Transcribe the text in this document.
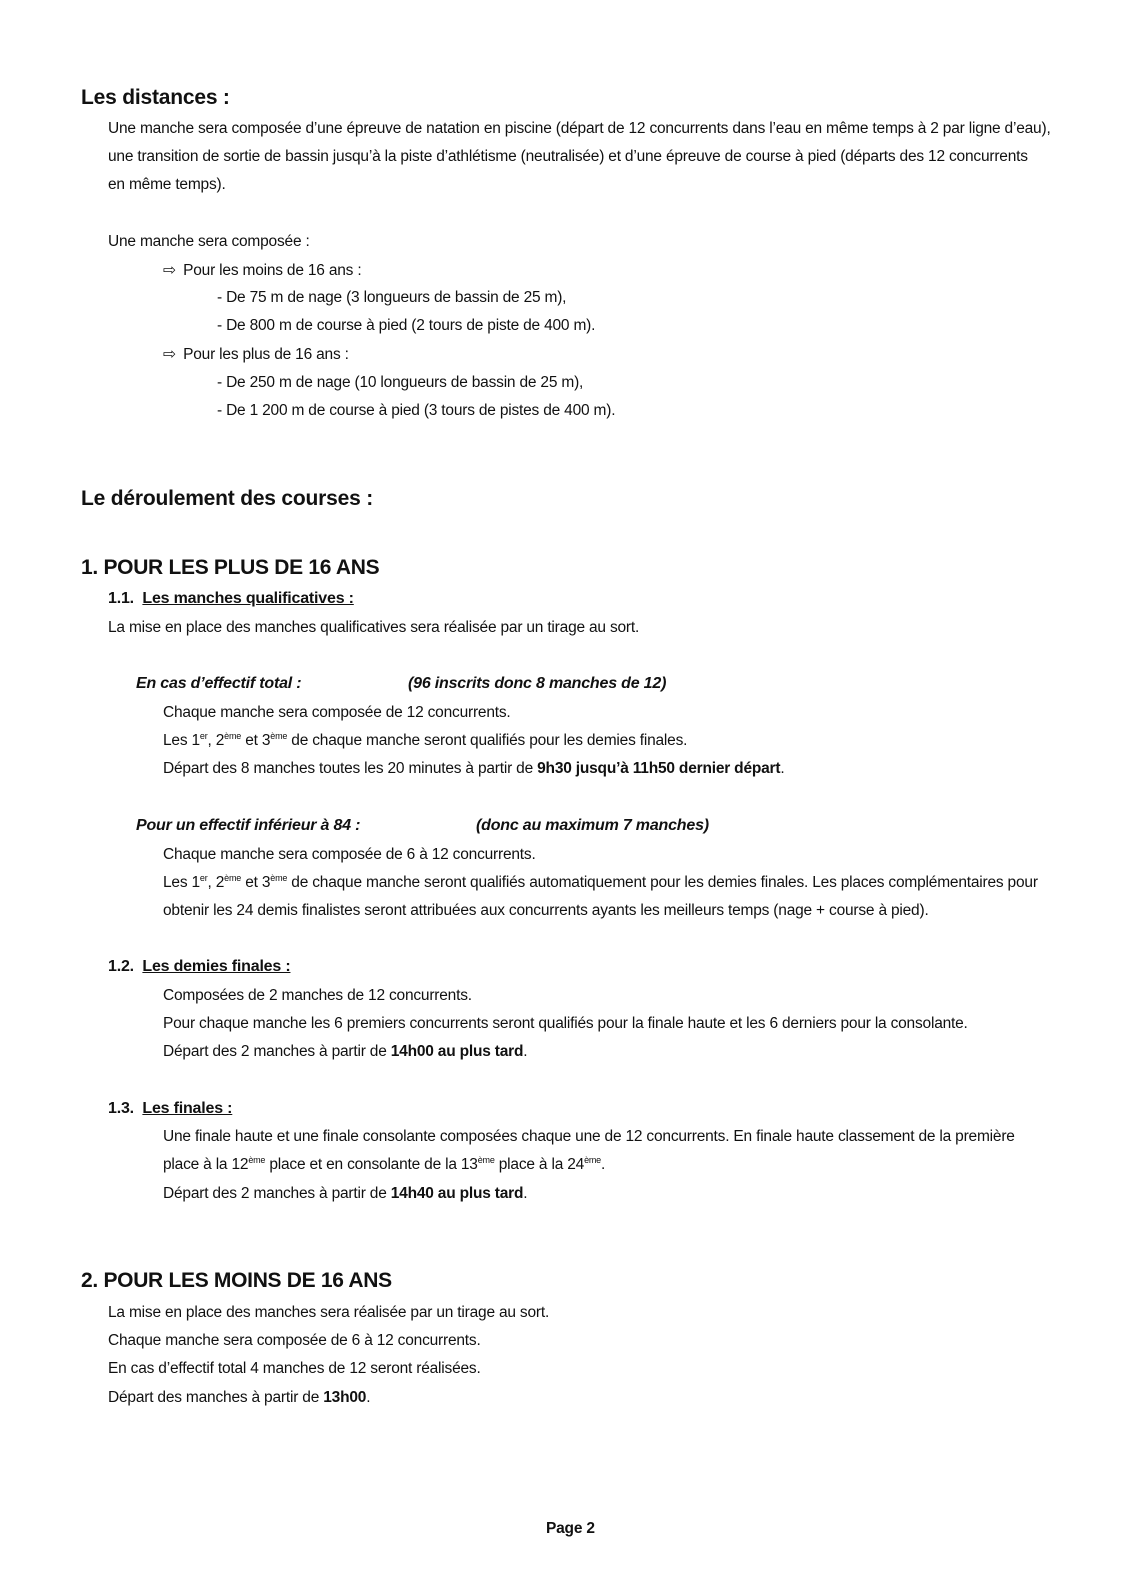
Les distances :
Une manche sera composée d’une épreuve de natation en piscine (départ de 12 concurrents dans l’eau en même temps à 2 par ligne d’eau),
une transition de sortie de bassin jusqu’à la piste d’athlétisme (neutralisée) et d’une épreuve de course à pied (départs des 12 concurrents
en même temps).
Une manche sera composée :
⇨ Pour les moins de 16 ans :
- De 75 m de nage (3 longueurs de bassin de 25 m),
- De 800 m de course à pied (2 tours de piste de 400 m).
⇨ Pour les plus de 16 ans :
- De 250 m de nage (10 longueurs de bassin de 25 m),
- De 1 200 m de course à pied (3 tours de pistes de 400 m).
Le déroulement des courses :
1. POUR LES PLUS DE 16 ANS
1.1. Les manches qualificatives :
La mise en place des manches qualificatives sera réalisée par un tirage au sort.
En cas d’effectif total :	(96 inscrits donc 8 manches de 12)
Chaque manche sera composée de 12 concurrents.
Les 1er, 2ème et 3ème de chaque manche seront qualifiés pour les demies finales.
Départ des 8 manches toutes les 20 minutes à partir de 9h30 jusqu’à 11h50 dernier départ.
Pour un effectif inférieur à 84 :	(donc au maximum 7 manches)
Chaque manche sera composée de 6 à 12 concurrents.
Les 1er, 2ème et 3ème de chaque manche seront qualifiés automatiquement pour les demies finales. Les places complémentaires pour
obtenir les 24 demis finalistes seront attribuées aux concurrents ayants les meilleurs temps (nage + course à pied).
1.2. Les demies finales :
Composées de 2 manches de 12 concurrents.
Pour chaque manche les 6 premiers concurrents seront qualifiés pour la finale haute et les 6 derniers pour la consolante.
Départ des 2 manches à partir de 14h00 au plus tard.
1.3. Les finales :
Une finale haute et une finale consolante composées chaque une de 12 concurrents. En finale haute classement de la première
place à la 12ème place et en consolante de la 13ème place à la 24ème.
Départ des 2 manches à partir de 14h40 au plus tard.
2. POUR LES MOINS DE 16 ANS
La mise en place des manches sera réalisée par un tirage au sort.
Chaque manche sera composée de 6 à 12 concurrents.
En cas d’effectif total 4 manches de 12 seront réalisées.
Départ des manches à partir de 13h00.
Page 2
